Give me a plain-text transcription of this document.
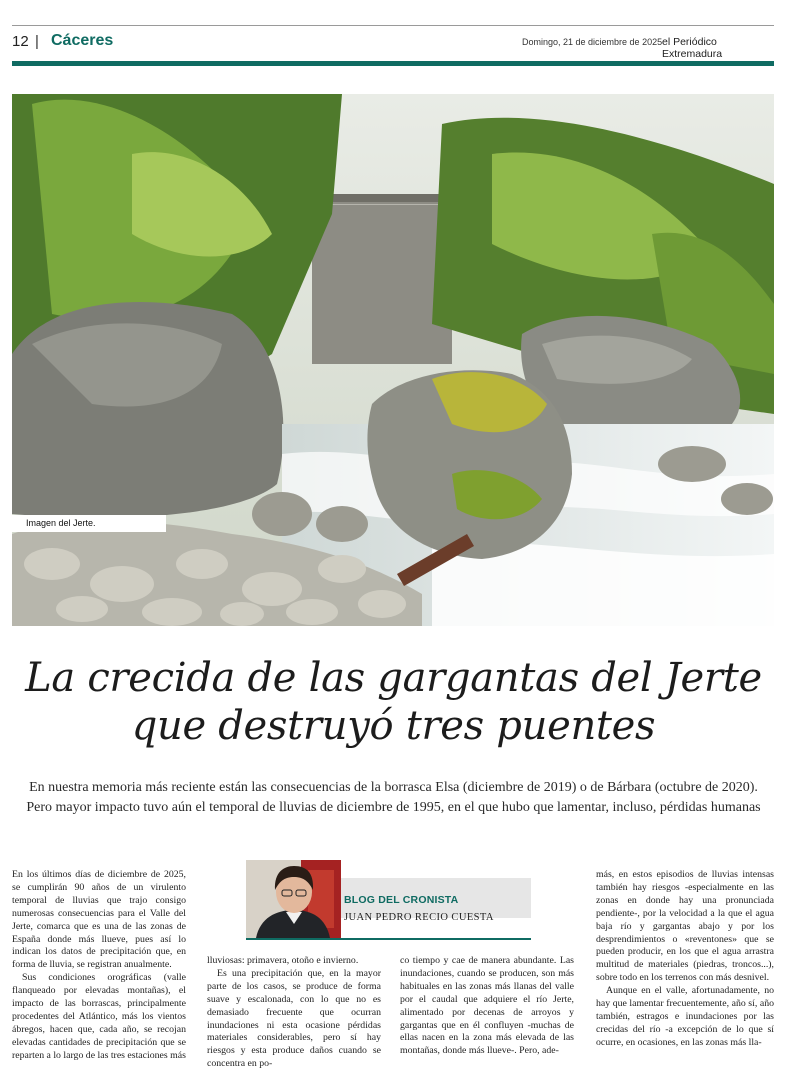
12 | Cáceres	Domingo, 21 de diciembre de 2025 el Periódico Extremadura
Imagen del Jerte.
La crecida de las gargantas del Jerte
que destruyó tres puentes
En nuestra memoria más reciente están las consecuencias de la borrasca Elsa (diciembre de 2019) o de Bárbara (octubre de 2020). Pero mayor impacto tuvo aún el temporal de lluvias de diciembre de 1995, en el que hubo que lamentar, incluso, pérdidas humanas

En los últimos días de diciembre de 2025, se cumplirán 90 años de un virulento temporal de lluvias que trajo consigo numerosas consecuencias para el Valle del Jerte, comarca que es una de las zonas de España donde más llueve, pues así lo indican los datos de precipitación que, en forma de lluvia, se registran anualmente.

Sus condiciones orográficas (valle flanqueado por elevadas montañas), el impacto de las borrascas, principalmente procedentes del Atlántico, más los vientos ábregos, hacen que, cada año, se recojan elevadas cantidades de precipitación que se reparten a lo largo de las tres estaciones más

BLOG DEL CRONISTA
JUAN PEDRO RECIO CUESTA

lluviosas: primavera, otoño e invierno.

Es una precipitación que, en la mayor parte de los casos, se produce de forma suave y escalonada, con lo que no es demasiado frecuente que ocurran inundaciones ni esta ocasione pérdidas materiales considerables, pero sí hay riesgos y esta produce daños cuando se concentra en po-

co tiempo y cae de manera abundante. Las inundaciones, cuando se producen, son más habituales en las zonas más llanas del valle por el caudal que adquiere el río Jerte, alimentado por decenas de arroyos y gargantas que en él confluyen -muchas de ellas nacen en la zona más elevada de las montañas, donde más llueve-. Pero, ade-

más, en estos episodios de lluvias intensas también hay riesgos -especialmente en las zonas en donde hay una pronunciada pendiente-, por la velocidad a la que el agua baja río y gargantas abajo y por los desprendimientos o «reventones» que se pueden producir, en los que el agua arrastra multitud de materiales (piedras, troncos...), sobre todo en los terrenos con más desnivel.

Aunque en el valle, afortunadamente, no hay que lamentar frecuentemente, año sí, año también, estragos e inundaciones por las crecidas del río -a excepción de lo que sí ocurre, en ocasiones, en las zonas más lla-
